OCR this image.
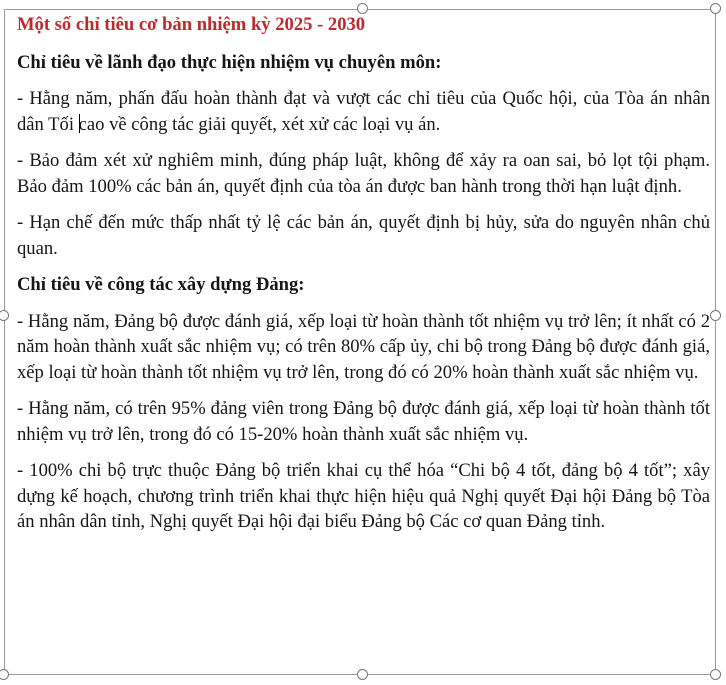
Một số chỉ tiêu cơ bản nhiệm kỳ 2025 - 2030
Chỉ tiêu về lãnh đạo thực hiện nhiệm vụ chuyên môn:
- Hằng năm, phấn đấu hoàn thành đạt và vượt các chỉ tiêu của Quốc hội, của Tòa án nhân dân Tối cao về công tác giải quyết, xét xử các loại vụ án.
- Bảo đảm xét xử nghiêm minh, đúng pháp luật, không để xảy ra oan sai, bỏ lọt tội phạm. Bảo đảm 100% các bản án, quyết định của tòa án được ban hành trong thời hạn luật định.
- Hạn chế đến mức thấp nhất tỷ lệ các bản án, quyết định bị hủy, sửa do nguyên nhân chủ quan.
Chỉ tiêu về công tác xây dựng Đảng:
- Hằng năm, Đảng bộ được đánh giá, xếp loại từ hoàn thành tốt nhiệm vụ trở lên; ít nhất có 2 năm hoàn thành xuất sắc nhiệm vụ; có trên 80% cấp ủy, chi bộ trong Đảng bộ được đánh giá, xếp loại từ hoàn thành tốt nhiệm vụ trở lên, trong đó có 20% hoàn thành xuất sắc nhiệm vụ.
- Hằng năm, có trên 95% đảng viên trong Đảng bộ được đánh giá, xếp loại từ hoàn thành tốt nhiệm vụ trở lên, trong đó có 15-20% hoàn thành xuất sắc nhiệm vụ.
- 100% chi bộ trực thuộc Đảng bộ triển khai cụ thể hóa “Chi bộ 4 tốt, đảng bộ 4 tốt”; xây dựng kế hoạch, chương trình triển khai thực hiện hiệu quả Nghị quyết Đại hội Đảng bộ Tòa án nhân dân tỉnh, Nghị quyết Đại hội đại biểu Đảng bộ Các cơ quan Đảng tỉnh.
